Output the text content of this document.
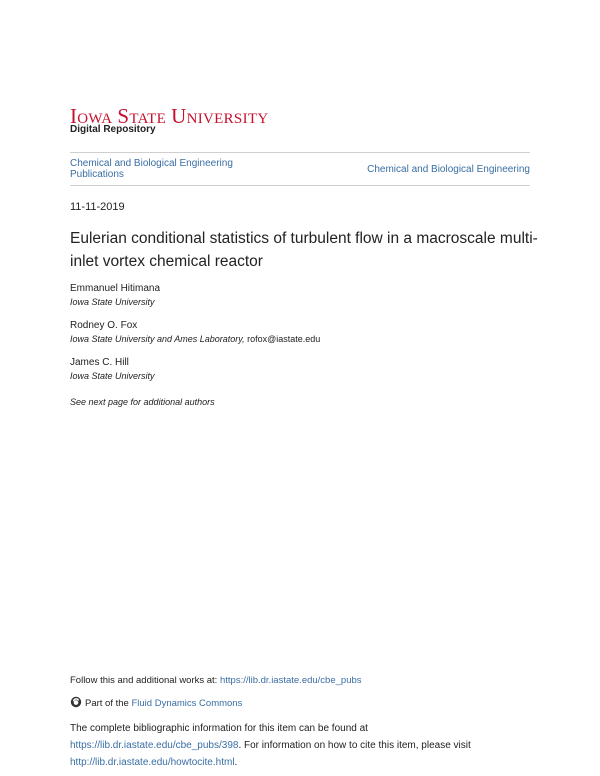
IOWA STATE UNIVERSITY
Digital Repository
Chemical and Biological Engineering Publications	Chemical and Biological Engineering
11-11-2019
Eulerian conditional statistics of turbulent flow in a macroscale multi-inlet vortex chemical reactor
Emmanuel Hitimana
Iowa State University
Rodney O. Fox
Iowa State University and Ames Laboratory, rofox@iastate.edu
James C. Hill
Iowa State University
See next page for additional authors
Follow this and additional works at: https://lib.dr.iastate.edu/cbe_pubs
Part of the Fluid Dynamics Commons
The complete bibliographic information for this item can be found at https://lib.dr.iastate.edu/cbe_pubs/398. For information on how to cite this item, please visit http://lib.dr.iastate.edu/howtocite.html.
